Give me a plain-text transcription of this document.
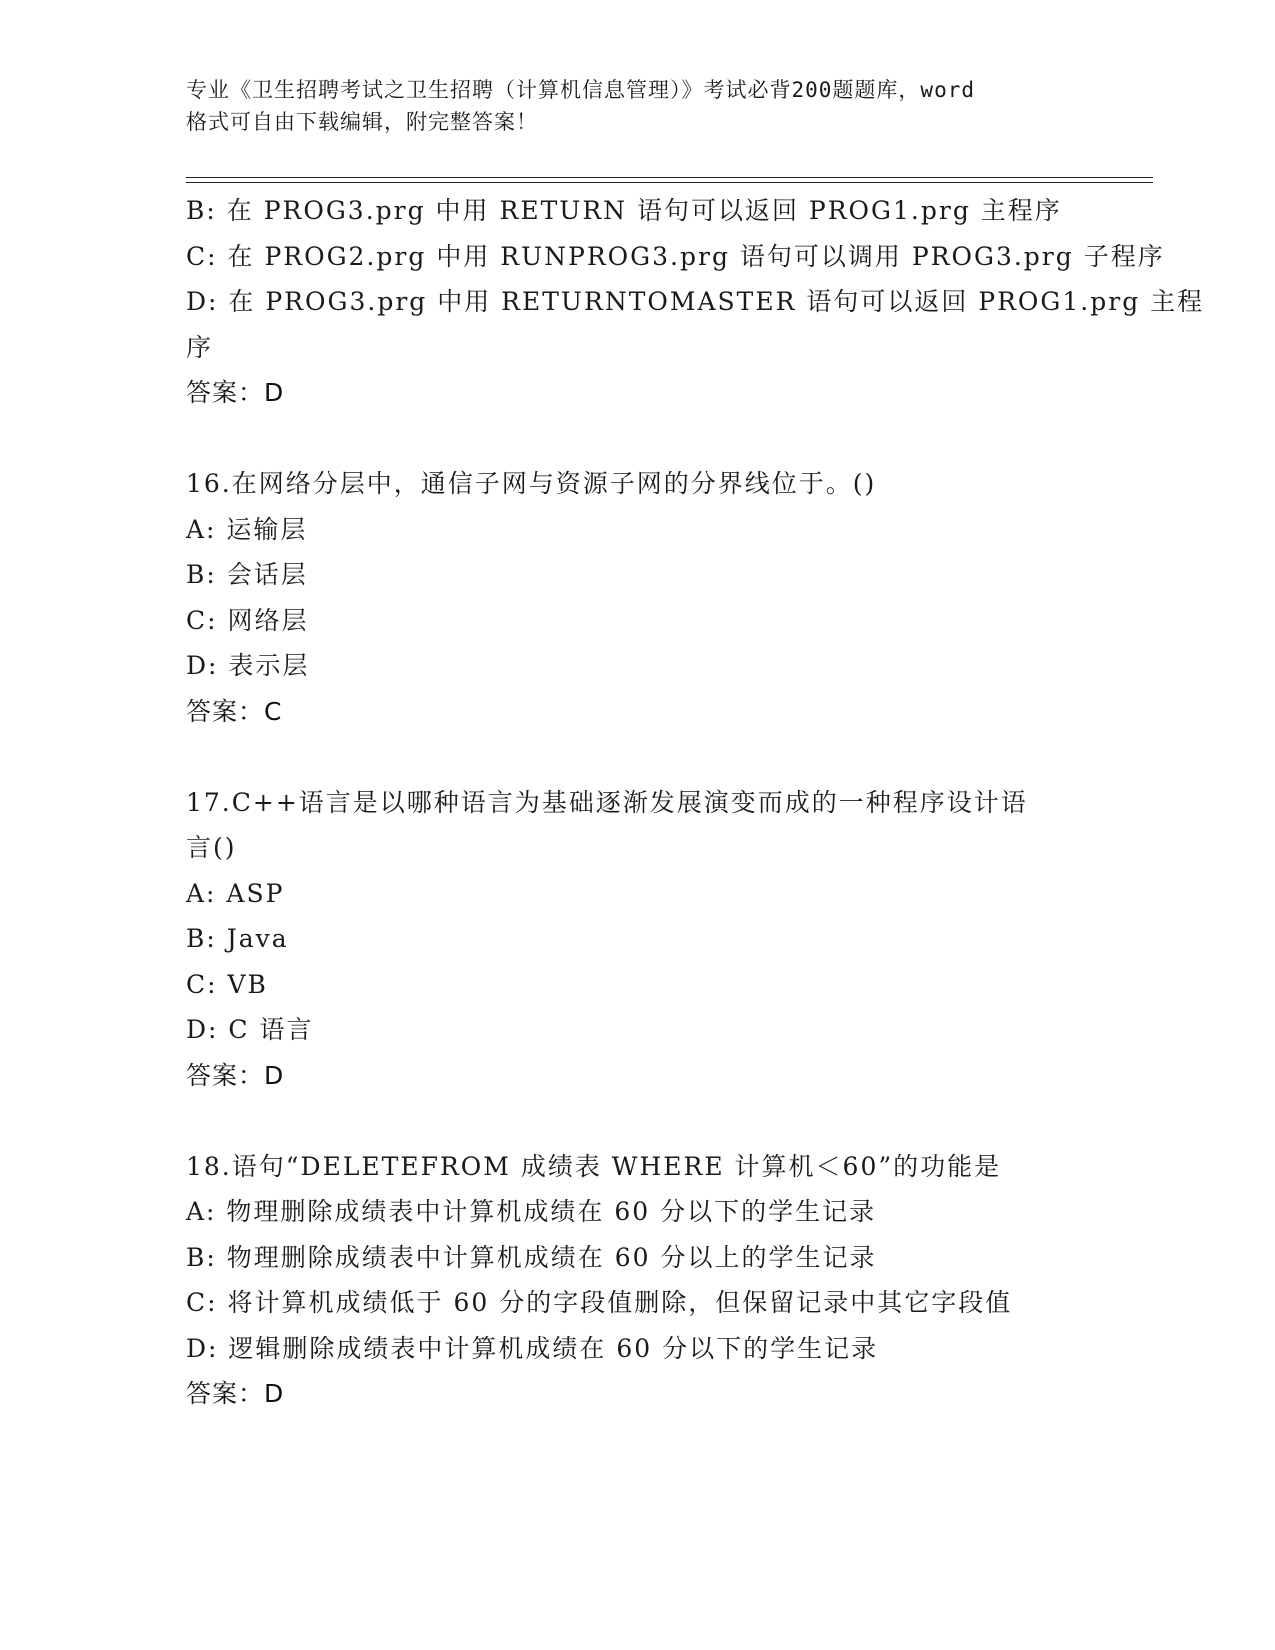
专业《卫生招聘考试之卫生招聘（计算机信息管理）》考试必背200题题库，word
格式可自由下载编辑，附完整答案！
B: 在 PROG3.prg 中用 RETURN 语句可以返回 PROG1.prg 主程序
C: 在 PROG2.prg 中用 RUNPROG3.prg 语句可以调用 PROG3.prg 子程序
D: 在 PROG3.prg 中用 RETURNTOMASTER 语句可以返回 PROG1.prg 主程
序
答案：D
16.在网络分层中，通信子网与资源子网的分界线位于。()
A: 运输层
B: 会话层
C: 网络层
D: 表示层
答案：C
17.C++语言是以哪种语言为基础逐渐发展演变而成的一种程序设计语
言()
A: ASP
B: Java
C: VB
D: C 语言
答案：D
18.语句“DELETEFROM 成绩表 WHERE 计算机＜60”的功能是
A: 物理删除成绩表中计算机成绩在 60 分以下的学生记录
B: 物理删除成绩表中计算机成绩在 60 分以上的学生记录
C: 将计算机成绩低于 60 分的字段值删除，但保留记录中其它字段值
D: 逻辑删除成绩表中计算机成绩在 60 分以下的学生记录
答案：D
